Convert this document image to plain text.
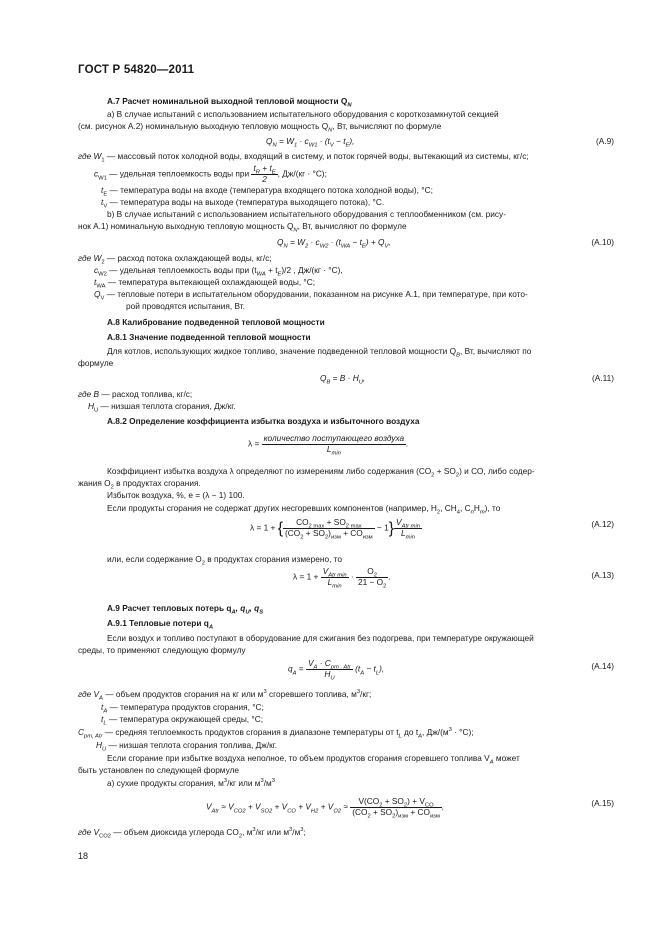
ГОСТ Р 54820—2011
А.7 Расчет номинальной выходной тепловой мощности $Q_N$
а) В случае испытаний с использованием испытательного оборудования с короткозамкнутой секцией
(см. рисунок А.2) номинальную выходную тепловую мощность $Q_N$, Вт, вычисляют по формуле
$Q_N = W_1 \cdot c_{W1} \cdot (t_V - t_E)$,	(А.9)
где $W_1$ — массовый поток холодной воды, входящий в систему, и поток горячей воды, вытекающий из системы, кг/с;
$c_{W1}$ — удельная теплоемкость воды при $\frac{t_R + t_E}{2}$ , Дж/(кг · °С);
$t_E$ — температура воды на входе (температура входящего потока холодной воды), °С;
$t_V$ — температура воды на выходе (температура выходящего потока), °С.
b) В случае испытаний с использованием испытательного оборудования с теплообменником (см. рису-
нок А.1) номинальную выходную тепловую мощность $Q_N$, Вт, вычисляют по формуле
$Q_N = W_2 \cdot c_{W2} \cdot (t_{WA} - t_E) + Q_V$,	(А.10)
где $W_2$ — расход потока охлаждающей воды, кг/с;
$c_{W2}$ — удельная теплоемкость воды при $(t_{WA} + t_E)/2$ , Дж/(кг · °С),
$t_{WA}$ — температура вытекающей охлаждающей воды, °С;
$Q_V$ — тепловые потери в испытательном оборудовании, показанном на рисунке А.1, при температуре, при кото-
рой проводятся испытания, Вт.
А.8 Калибрование подведенной тепловой мощности
А.8.1 Значение подведенной тепловой мощности
Для котлов, использующих жидкое топливо, значение подведенной тепловой мощности $Q_B$, Вт, вычисляют по
формуле
$Q_B = B \cdot H_U$,	(А.11)
где B — расход топлива, кг/с;
$H_U$ — низшая теплота сгорания, Дж/кг.
А.8.2 Определение коэффициента избытка воздуха и избыточного воздуха
$\lambda = \frac{\text{количество поступающего воздуха}}{L_{min}}$ .
Коэффициент избытка воздуха λ определяют по измерениям либо содержания $(СО_2 + SO_2)$ и СО, либо содер-
жания $O_2$ в продуктах сгорания.
Избыток воздуха, %, e = (λ − 1) 100.
Если продукты сгорания не содержат других несгоревших компонентов (например, $H_2$, $CH_4$, $C_nH_m$), то
λ = 1 + { $\frac{CO_{2 max} + SO_{2 max}}{(CO_2 + SO_2)_{изм} + CO_{изм}} - 1\} \frac{V_{Atr min}}{L_{min}}$	(А.12)
или, если содержание $O_2$ в продуктах сгорания измерено, то
$\lambda = 1 + \frac{V_{Atr min}}{L_{min}} \cdot \frac{O_2}{21 - O_2}$ .	(А.13)
А.9 Расчет тепловых потерь $q_A$, $q_U$, $q_S$
А.9.1 Тепловые потери $q_A$
Если воздух и топливо поступают в оборудование для сжигания без подогрева, при температуре окружающей
среды, то применяют следующую формулу
$q_A = \frac{V_A \cdot C_{pm . Atr}}{H_U} (t_A - t_L)$,	(А.14)
где $V_A$ — объем продуктов сгорания на кг или $м^3$ сгоревшего топлива, $м^3/кг$;
$t_A$ — температура продуктов сгорания, °С;
$t_L$ — температура окружающей среды, °С;
$C_{pm, Atr}$ — средняя теплоемкость продуктов сгорания в диапазоне температуры от $t_L$ до $t_A$, $Дж/(м^3 \cdot ^\circ С)$;
$H_U$ — низшая теплота сгорания топлива, Дж/кг.
Если сгорание при избытке воздуха неполное, то объем продуктов сгорания сгоревшего топлива $V_A$ может
быть установлен по следующей формуле
а) сухие продукты сгорания, $м^3/кг$ или $м^3/м^3$
$V_{Atr} \approx V_{CO2} + V_{SO2} + V_{CO} + V_{H2} + V_{O2} \approx \frac{V(CO_2 + SO_2) + V_{CO}}{(CO_2 + SO_2)_{изм} + CO_{изм}}$ ,	(А.15)
где $V_{CO2}$ — объем диоксида углерода $CO_2$, $м^3/кг$ или $м^3/м^3$;
18
